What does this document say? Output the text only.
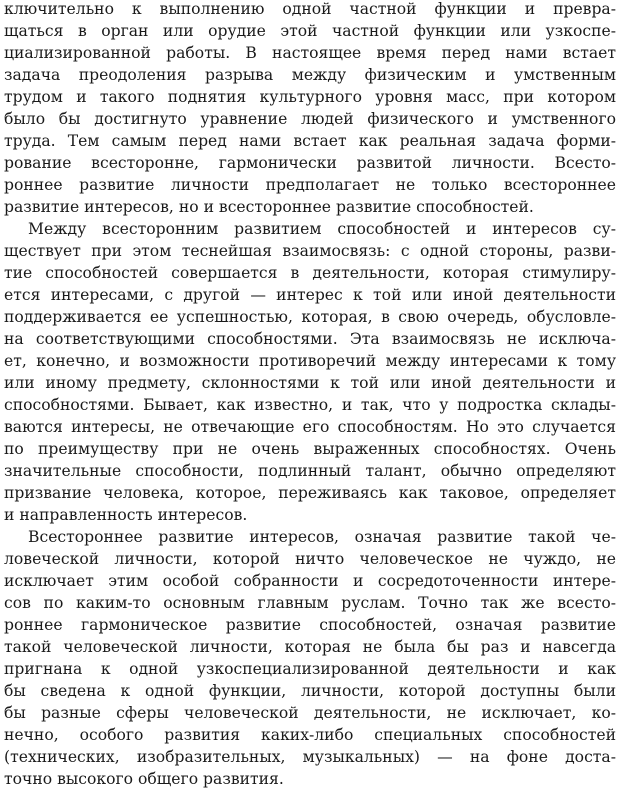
ключительно к выполнению одной частной функции и превра-
щаться в орган или орудие этой частной функции или узкоспе-
циализированной работы. В настоящее время перед нами встает
задача преодоления разрыва между физическим и умственным
трудом и такого поднятия культурного уровня масс, при котором
было бы достигнуто уравнение людей физического и умственного
труда. Тем самым перед нами встает как реальная задача форми-
рование всесторонне, гармонически развитой личности. Всесто-
роннее развитие личности предполагает не только всестороннее
развитие интересов, но и всестороннее развитие способностей.
Между всесторонним развитием способностей и интересов су-
ществует при этом теснейшая взаимосвязь: с одной стороны, разви-
тие способностей совершается в деятельности, которая стимулиру-
ется интересами, с другой — интерес к той или иной деятельности
поддерживается ее успешностью, которая, в свою очередь, обусловле-
на соответствующими способностями. Эта взаимосвязь не исключа-
ет, конечно, и возможности противоречий между интересами к тому
или иному предмету, склонностями к той или иной деятельности и
способностями. Бывает, как известно, и так, что у подростка склады-
ваются интересы, не отвечающие его способностям. Но это случается
по преимуществу при не очень выраженных способностях. Очень
значительные способности, подлинный талант, обычно определяют
призвание человека, которое, переживаясь как таковое, определяет
и направленность интересов.
Всестороннее развитие интересов, означая развитие такой че-
ловеческой личности, которой ничто человеческое не чуждо, не
исключает этим особой собранности и сосредоточенности интере-
сов по каким-то основным главным руслам. Точно так же всесто-
роннее гармоническое развитие способностей, означая развитие
такой человеческой личности, которая не была бы раз и навсегда
пригнана к одной узкоспециализированной деятельности и как
бы сведена к одной функции, личности, которой доступны были
бы разные сферы человеческой деятельности, не исключает, ко-
нечно, особого развития каких-либо специальных способностей
(технических, изобразительных, музыкальных) — на фоне доста-
точно высокого общего развития.
